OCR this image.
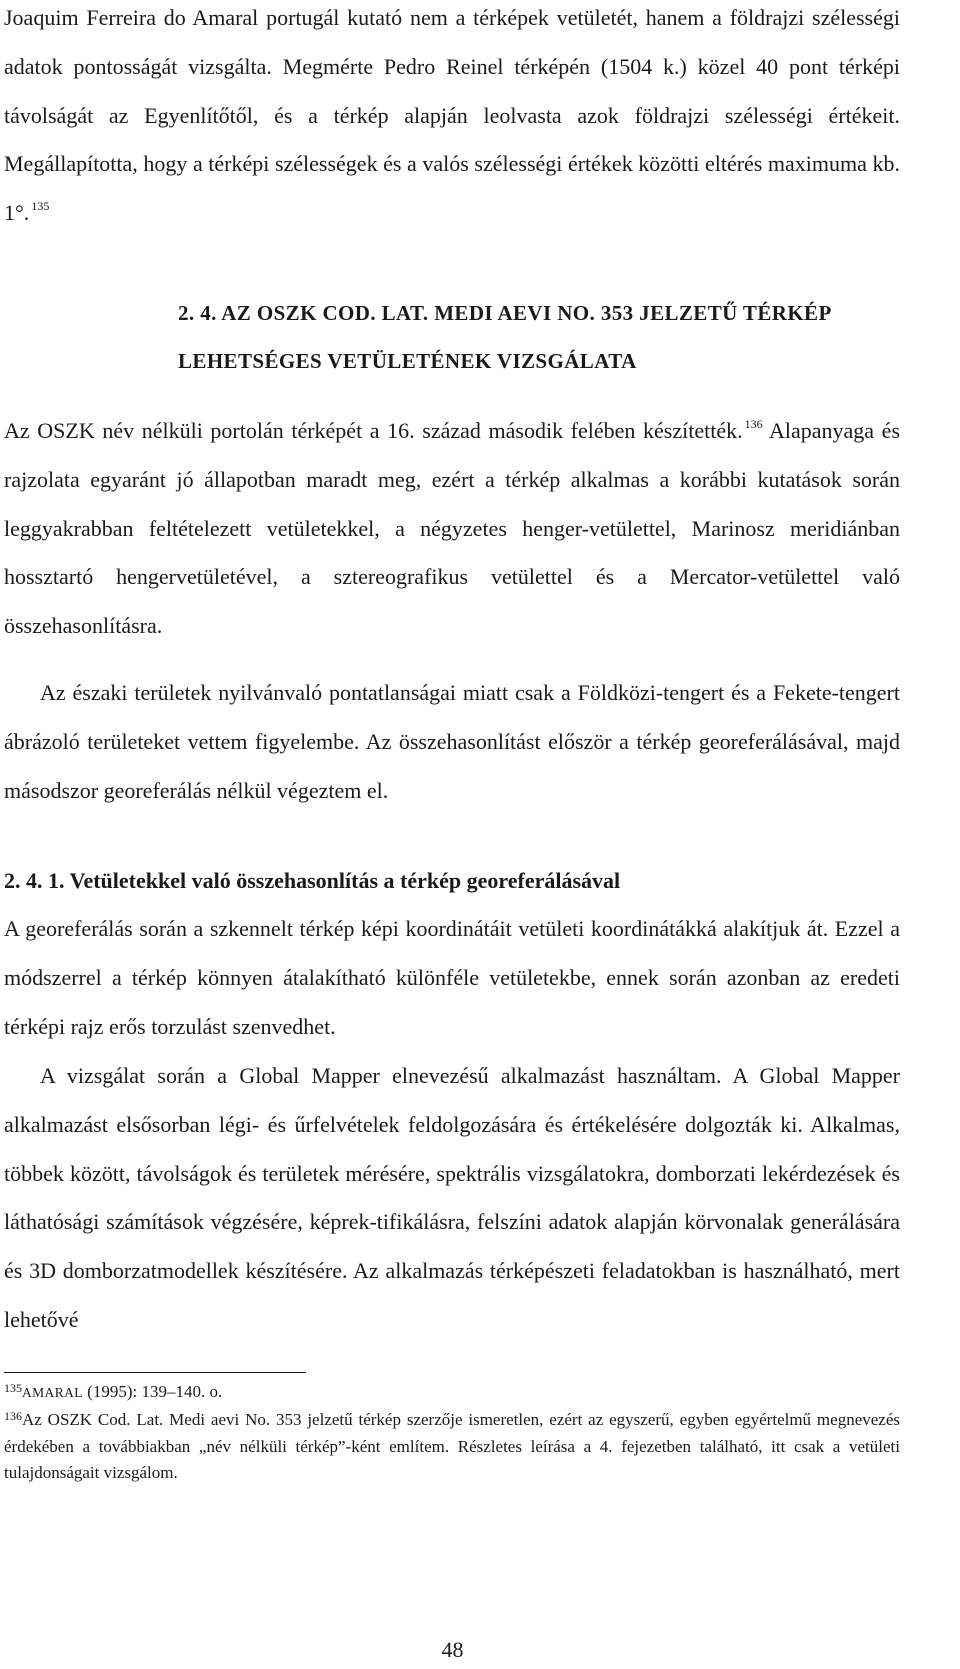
Joaquim Ferreira do Amaral portugál kutató nem a térképek vetületét, hanem a földrajzi szélességi adatok pontosságát vizsgálta. Megmérte Pedro Reinel térképén (1504 k.) közel 40 pont térképi távolságát az Egyenlítőtől, és a térkép alapján leolvasta azok földrajzi szélességi értékeit. Megállapította, hogy a térképi szélességek és a valós szélességi értékek közötti eltérés maximuma kb. 1°. $^{135}$

2. 4. AZ OSZK COD. LAT. MEDI AEVI NO. 353 JELZETŰ TÉRKÉP
LEHETSÉGES VETÜLETÉNEK VIZSGÁLATA

Az OSZK név nélküli portolán térképét a 16. század második felében készítették. $^{136}$ Alapanyaga és rajzolata egyaránt jó állapotban maradt meg, ezért a térkép alkalmas a korábbi kutatások során leggyakrabban feltételezett vetületekkel, a négyzetes henger-vetülettel, Marinosz meridiánban hossztartó hengervetületével, a sztereografikus vetülettel és a Mercator-vetülettel való összehasonlításra.

Az északi területek nyilvánvaló pontatlanságai miatt csak a Földközi-tengert és a Fekete-tengert ábrázoló területeket vettem figyelembe. Az összehasonlítást először a térkép georeferálásával, majd másodszor georeferálás nélkül végeztem el.

2. 4. 1. Vetületekkel való összehasonlítás a térkép georeferálásával

A georeferálás során a szkennelt térkép képi koordinátáit vetületi koordinátákká alakítjuk át. Ezzel a módszerrel a térkép könnyen átalakítható különféle vetületekbe, ennek során azonban az eredeti térképi rajz erős torzulást szenvedhet.

A vizsgálat során a Global Mapper elnevezésű alkalmazást használtam. A Global Mapper alkalmazást elsősorban légi- és űrfelvételek feldolgozására és értékelésére dolgozták ki. Alkalmas, többek között, távolságok és területek mérésére, spektrális vizsgálatokra, domborzati lekérdezések és láthatósági számítások végzésére, képrek-tifikálásra, felszíni adatok alapján körvonalak generálására és 3D domborzatmodellek készítésére. Az alkalmazás térképészeti feladatokban is használható, mert lehetővé

$^{135}$AMARAL (1995): 139–140. o.

$^{136}$Az OSZK Cod. Lat. Medi aevi No. 353 jelzetű térkép szerzője ismeretlen, ezért az egyszerű, egyben egyértelmű megnevezés érdekében a továbbiakban „név nélküli térkép”-ként említem. Részletes leírása a 4. fejezetben található, itt csak a vetületi tulajdonságait vizsgálom.

48
